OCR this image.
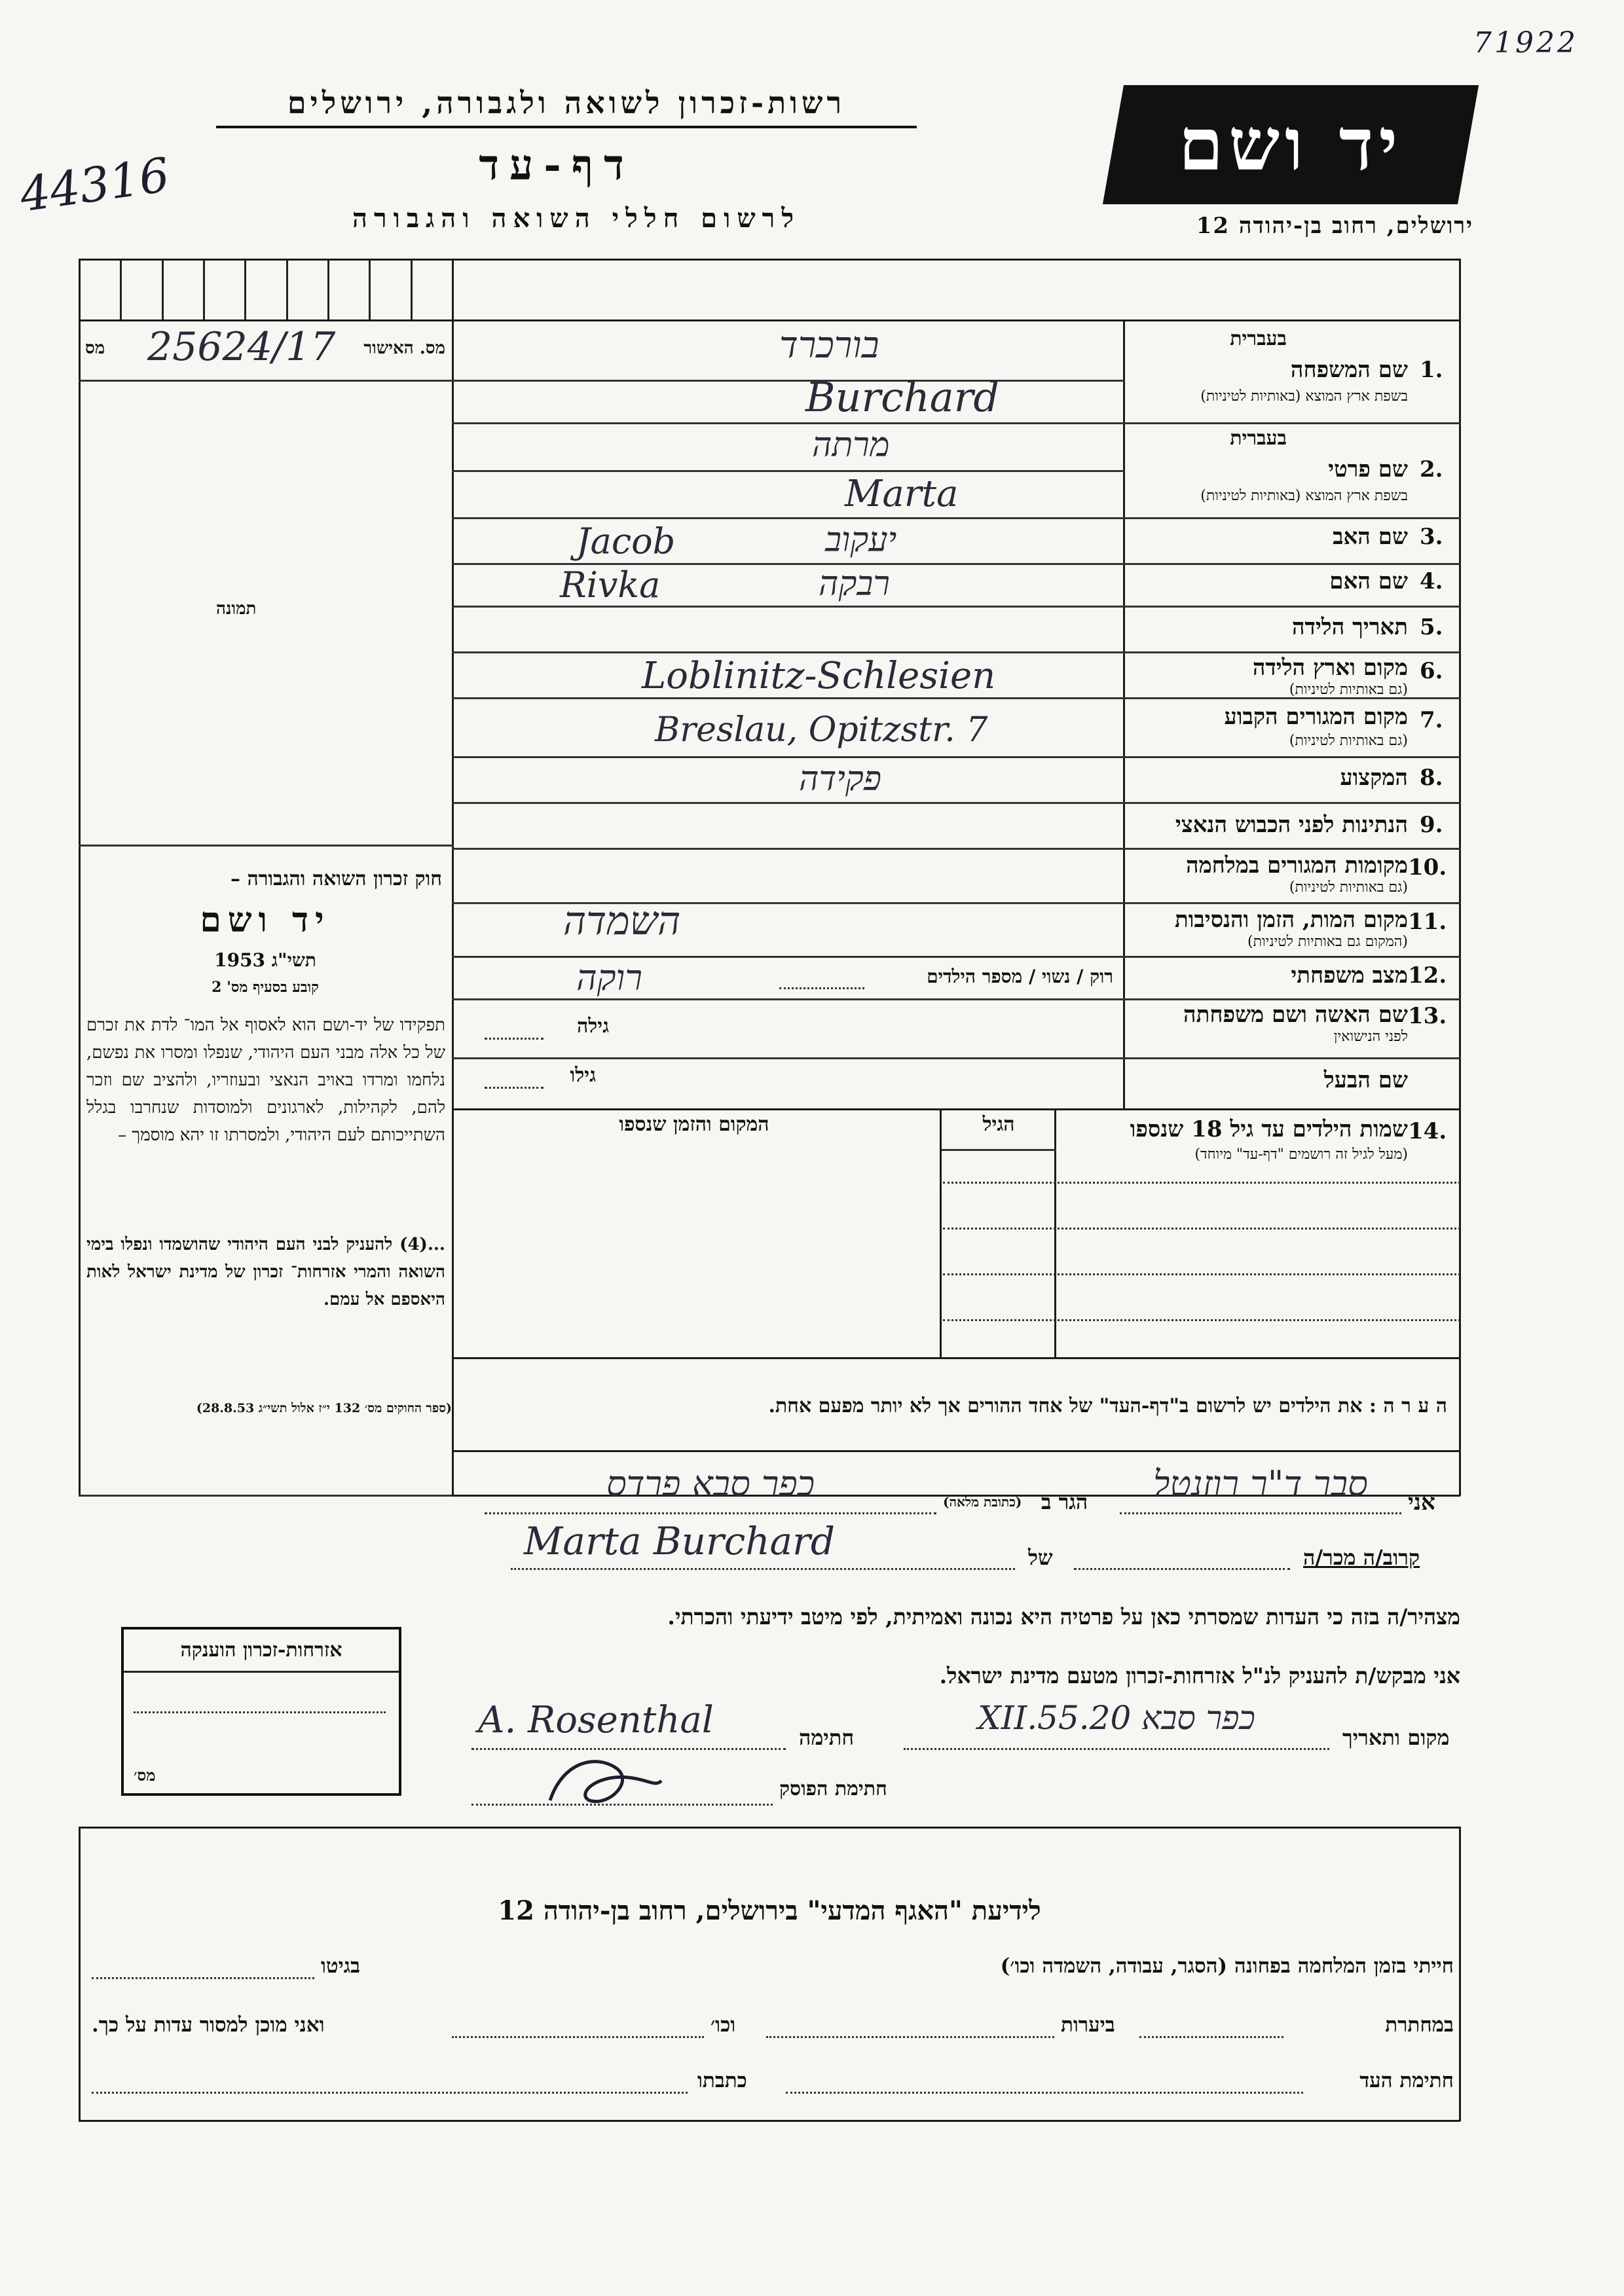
71922
44316
רשות-זכרון לשואה ולגבורה, ירושלים
דף-עד
לרשום חללי השואה והגבורה
יד ושם
ירושלים, רחוב בן-יהודה 12
מס 25624/17 מס. האישור
תמונה
חוק זכרון השואה והגבורה –
יד ושם
תשי"ג 1953
קובע בסעיף מס' 2
תפקידו של יד-ושם הוא לאסוף אל המו־ לדת את זכרם של כל אלה מבני העם היהודי, שנפלו ומסרו את נפשם, נלחמו ומרדו באויב הנאצי ובעוזריו, ולהציב שם וזכר להם, לקהילות, לארגונים ולמוסדות שנחרבו בגלל השתייכותם לעם היהודי, ולמסרתו זו יהא מוסמך –
...(4) להעניק לבני העם היהודי שהושמדו ונפלו בימי השואה והמרי אזרחות־ זכרון של מדינת ישראל לאות היאספם אל עמם.
(ספר החוקים מס׳ 132 י״ז אלול תשי״ג 28.8.53)
בעברית
1.
שם המשפחה
בשפת ארץ המוצא (באותיות לטיניות)
בורכרד
Burchard
בעברית
2.
שם פרטי
בשפת ארץ המוצא (באותיות לטיניות)
מרתה
Marta
3.
שם האב
Jacob	יעקוב
4.
שם האם
Rivka	רבקה
5.
תאריך הלידה
6.
מקום וארץ הלידה
(גם באותיות לטיניות)
Loblinitz-Schlesien
7.
מקום המגורים הקבוע
(גם באותיות לטיניות)
Breslau, Opitzstr. 7
8.
המקצוע
פקידה
9.
הנתינות לפני הכבוש הנאצי
10.
מקומות המגורים במלחמה
(גם באותיות לטיניות)
11.
מקום המות, הזמן והנסיבות
(המקום גם באותיות לטיניות)
השמדה
12.
מצב משפחתי
רוק / נשוי / מספר הילדים
רוקה
13.
שם האשה ושם משפחתה
לפני הנישואין
גילה
שם הבעל
גילו
14.
שמות הילדים עד גיל 18 שנספו
(מעל לגיל זה רושמים "דף-עד" מיוחד)
הגיל
המקום והזמן שנספו
ה ע ר ה : את הילדים יש לרשום ב"דף-העד" של אחד ההורים אך לא יותר מפעם אחת.
אני
סבר ד"ר רוזנטל
הגר ב
(כתובת מלאה)
כפר סבא פרדס
קרוב/ה מכר/ה
של
Marta Burchard
מצהיר/ה בזה כי העדות שמסרתי כאן על פרטיה היא נכונה ואמיתית, לפי מיטב ידיעתי והכרתי.
אני מבקש/ת להעניק לנ"ל אזרחות-זכרון מטעם מדינת ישראל.
מקום ותאריך
כפר סבא 20.XII.55
חתימה
A. Rosenthal
חתימת הפוסק
אזרחות-זכרון הוענקה
מס׳
לידיעת "האגף המדעי" בירושלים, רחוב בן-יהודה 12
חייתי בזמן המלחמה בפחונה (הסגר, עבודה, השמדה וכו׳)
בגיטו
במחתרת
ביערות
וכו׳
ואני מוכן למסור עדות על כך.
חתימת העד
כתבתו
